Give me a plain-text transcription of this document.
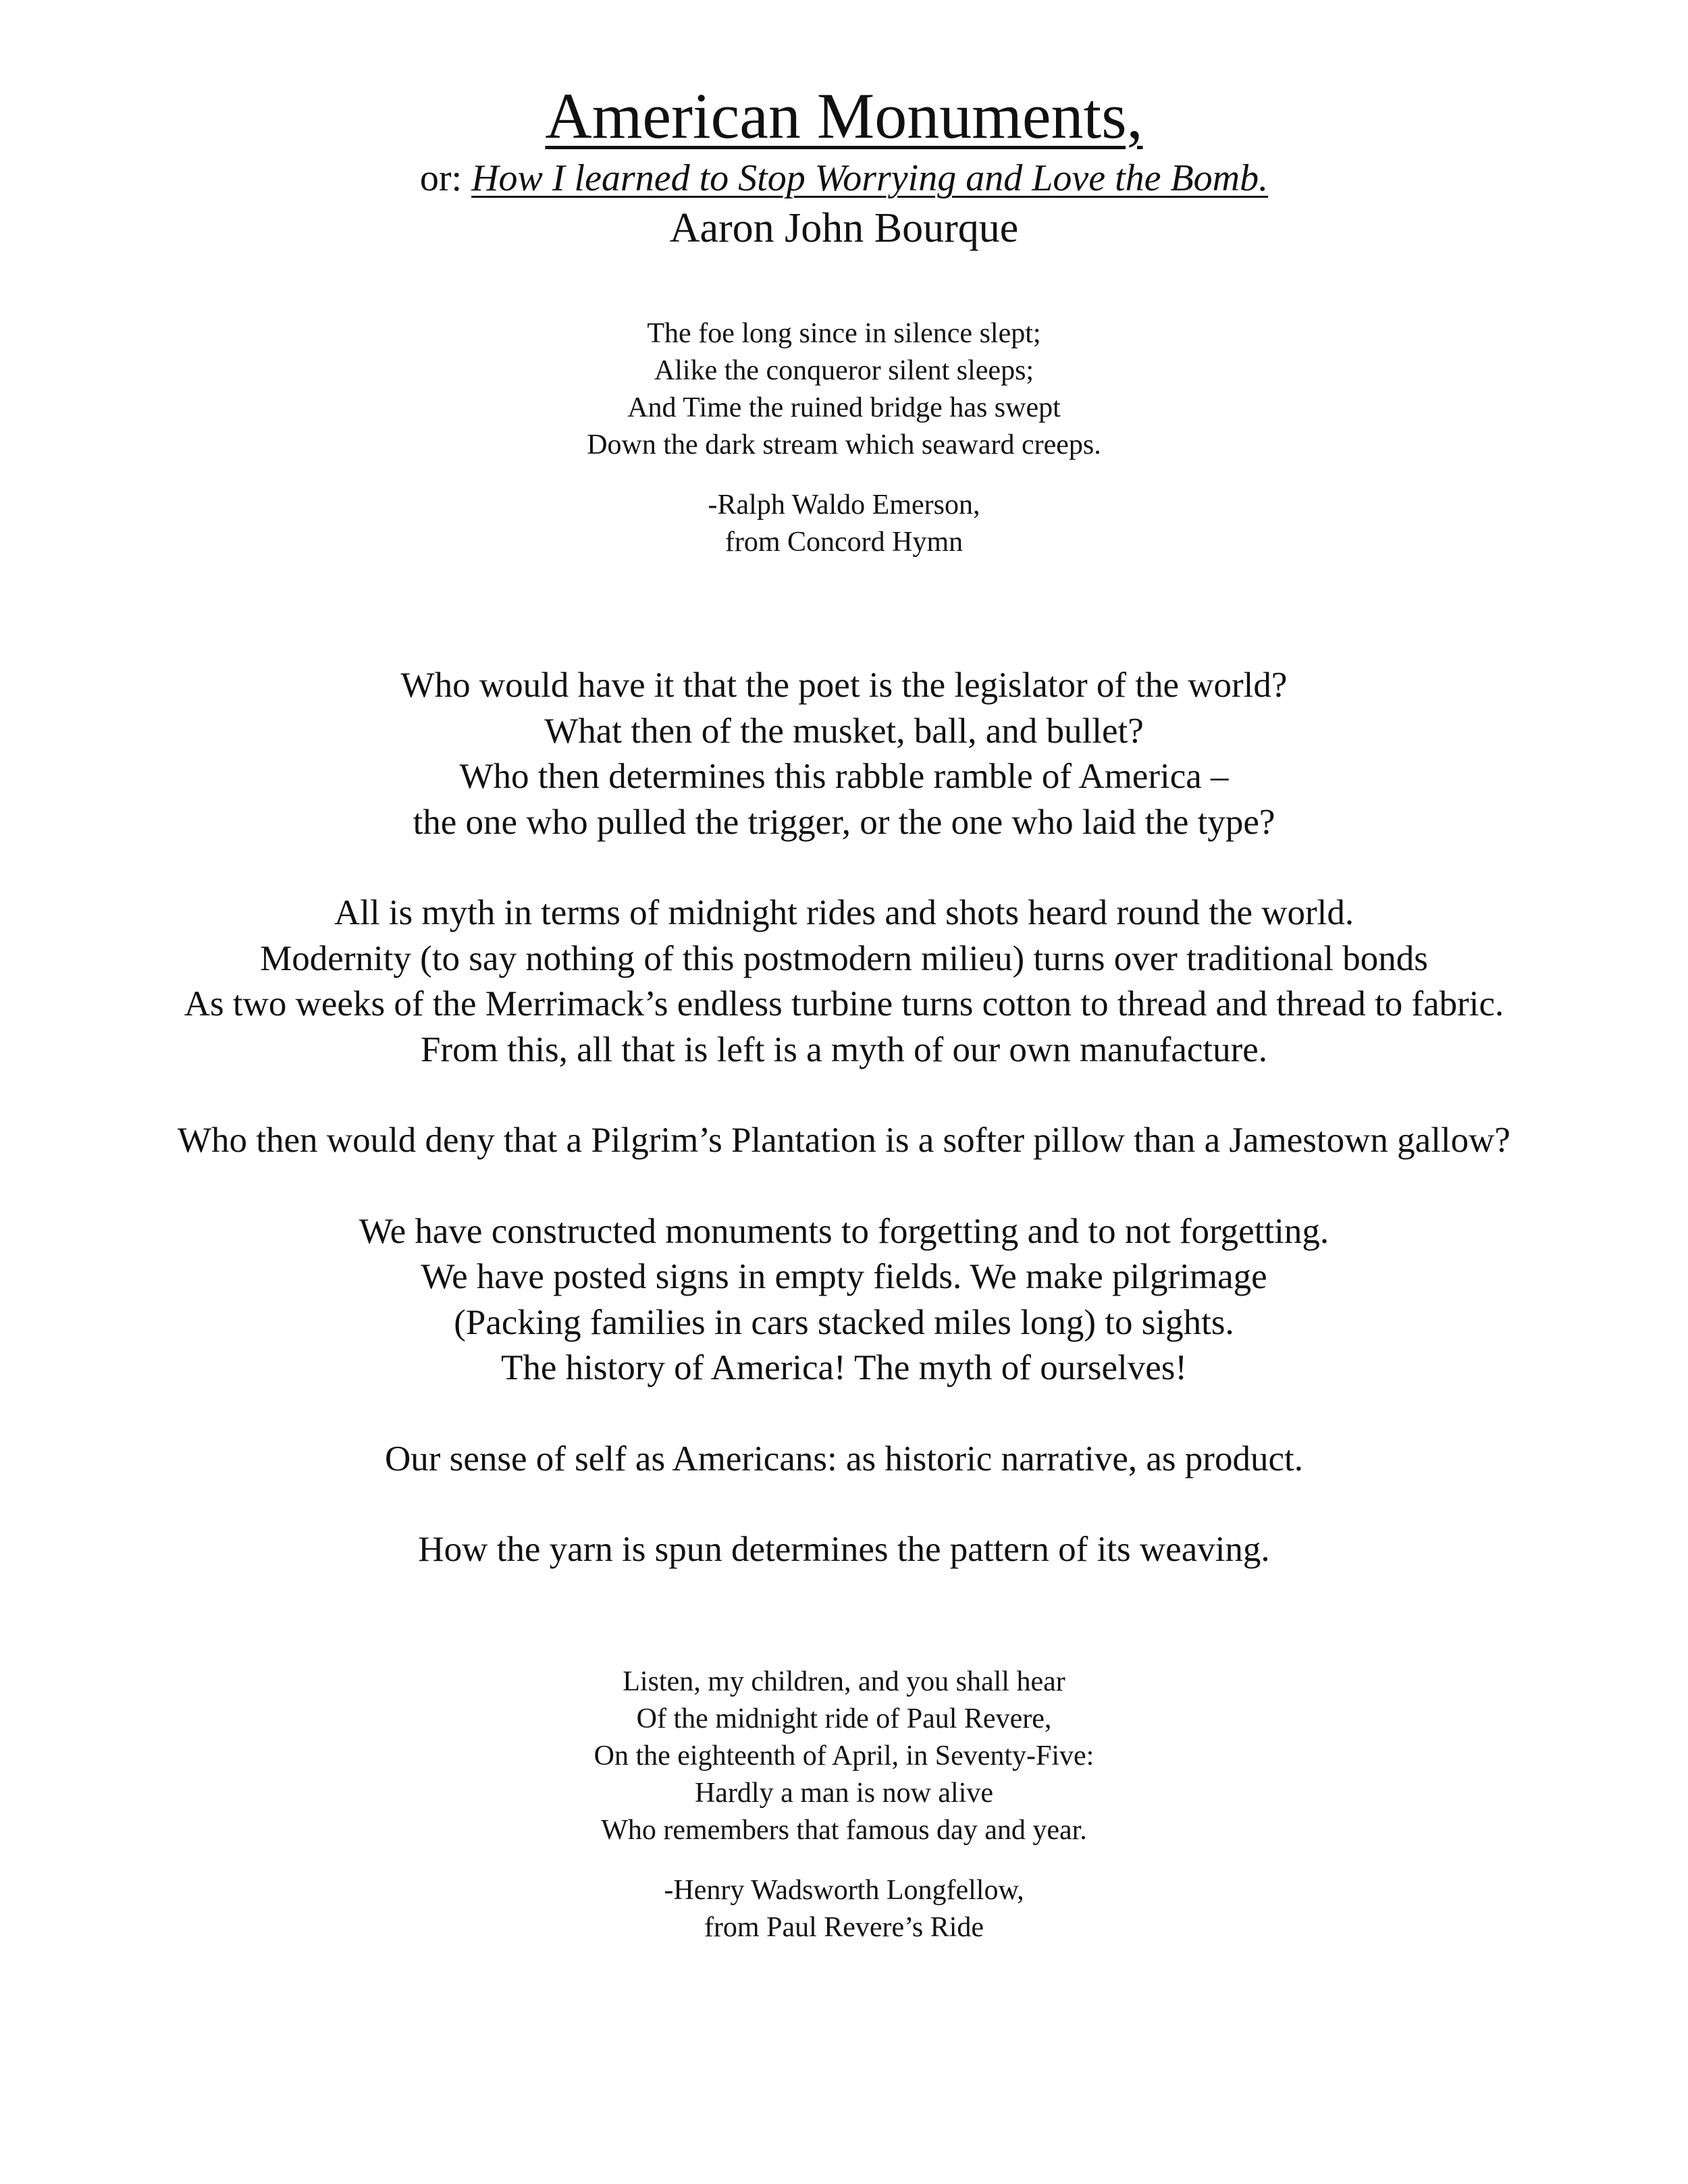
American Monuments,
or: How I learned to Stop Worrying and Love the Bomb.
Aaron John Bourque
The foe long since in silence slept;
Alike the conqueror silent sleeps;
And Time the ruined bridge has swept
Down the dark stream which seaward creeps.
-Ralph Waldo Emerson,
from Concord Hymn
Who would have it that the poet is the legislator of the world?
What then of the musket, ball, and bullet?
Who then determines this rabble ramble of America –
the one who pulled the trigger, or the one who laid the type?
All is myth in terms of midnight rides and shots heard round the world.
Modernity (to say nothing of this postmodern milieu) turns over traditional bonds
As two weeks of the Merrimack’s endless turbine turns cotton to thread and thread to fabric.
From this, all that is left is a myth of our own manufacture.
Who then would deny that a Pilgrim’s Plantation is a softer pillow than a Jamestown gallow?
We have constructed monuments to forgetting and to not forgetting.
We have posted signs in empty fields. We make pilgrimage
(Packing families in cars stacked miles long) to sights.
The history of America! The myth of ourselves!
Our sense of self as Americans: as historic narrative, as product.
How the yarn is spun determines the pattern of its weaving.
Listen, my children, and you shall hear
Of the midnight ride of Paul Revere,
On the eighteenth of April, in Seventy-Five:
Hardly a man is now alive
Who remembers that famous day and year.
-Henry Wadsworth Longfellow,
from Paul Revere’s Ride
